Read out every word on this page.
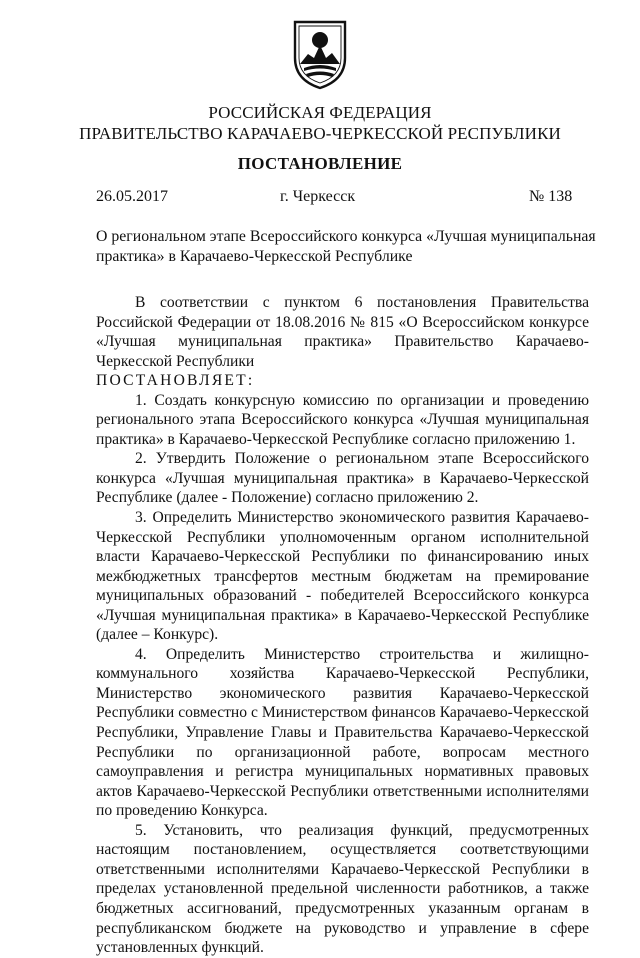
РОССИЙСКАЯ ФЕДЕРАЦИЯ
ПРАВИТЕЛЬСТВО КАРАЧАЕВО-ЧЕРКЕССКОЙ РЕСПУБЛИКИ
ПОСТАНОВЛЕНИЕ
26.05.2017	г. Черкесск	№ 138
О региональном этапе Всероссийского конкурса «Лучшая муниципальная практика» в Карачаево-Черкесской Республике

В соответствии с пунктом 6 постановления Правительства Российской Федерации от 18.08.2016 № 815 «О Всероссийском конкурсе «Лучшая муниципальная практика» Правительство Карачаево-Черкесской Республики

ПОСТАНОВЛЯЕТ:

1. Создать конкурсную комиссию по организации и проведению регионального этапа Всероссийского конкурса «Лучшая муниципальная практика» в Карачаево-Черкесской Республике согласно приложению 1.

2. Утвердить Положение о региональном этапе Всероссийского конкурса «Лучшая муниципальная практика» в Карачаево-Черкесской Республике (далее - Положение) согласно приложению 2.

3. Определить Министерство экономического развития Карачаево-Черкесской Республики уполномоченным органом исполнительной власти Карачаево-Черкесской Республики по финансированию иных межбюджетных трансфертов местным бюджетам на премирование муниципальных образований - победителей Всероссийского конкурса «Лучшая муниципальная практика» в Карачаево-Черкесской Республике (далее – Конкурс).

4. Определить Министерство строительства и жилищно-коммунального хозяйства Карачаево-Черкесской Республики, Министерство экономического развития Карачаево-Черкесской Республики совместно с Министерством финансов Карачаево-Черкесской Республики, Управление Главы и Правительства Карачаево-Черкесской Республики по организационной работе, вопросам местного самоуправления и регистра муниципальных нормативных правовых актов Карачаево-Черкесской Республики ответственными исполнителями по проведению Конкурса.

5. Установить, что реализация функций, предусмотренных настоящим постановлением, осуществляется соответствующими ответственными исполнителями Карачаево-Черкесской Республики в пределах установленной предельной численности работников, а также бюджетных ассигнований, предусмотренных указанным органам в республиканском бюджете на руководство и управление в сфере установленных функций.
